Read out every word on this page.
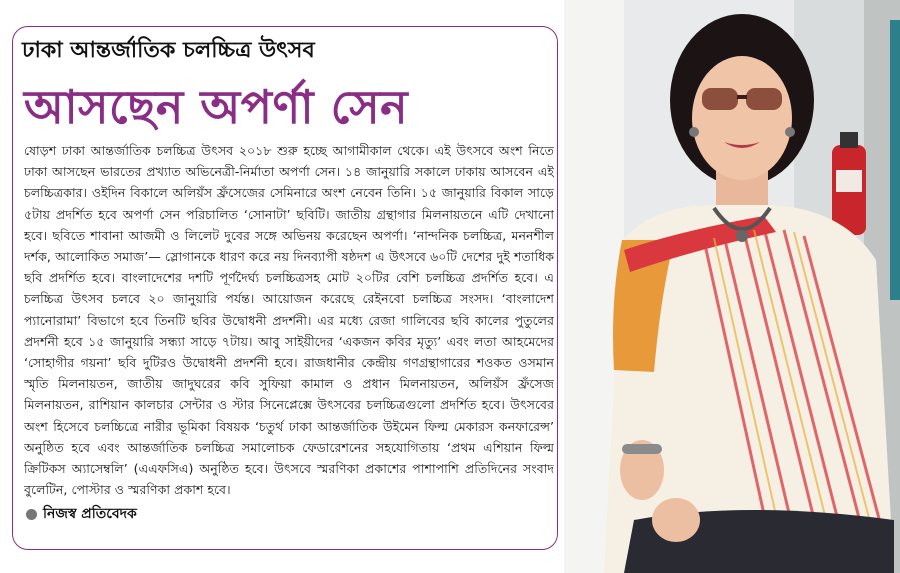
ঢাকা আন্তর্জাতিক চলচ্চিত্র উৎসব
আসছেন অপর্ণা সেন
ষোড়শ ঢাকা আন্তর্জাতিক চলচ্চিত্র উৎসব ২০১৮ শুরু হচ্ছে আগামীকাল থেকে। এই উৎসবে অংশ নিতে ঢাকা আসছেন ভারতের প্রখ্যাত অভিনেত্রী-নির্মাতা অপর্ণা সেন। ১৪ জানুয়ারি সকালে ঢাকায় আসবেন এই চলচ্চিত্রকার। ওইদিন বিকালে অলিয়ঁস ফ্রঁসেজের সেমিনারে অংশ নেবেন তিনি। ১৫ জানুয়ারি বিকাল সাড়ে ৫টায় প্রদর্শিত হবে অপর্ণা সেন পরিচালিত ‘সোনাটা’ ছবিটি। জাতীয় গ্রন্থাগার মিলনায়তনে এটি দেখানো হবে। ছবিতে শাবানা আজমী ও লিলেট দুবের সঙ্গে অভিনয় করেছেন অপর্ণা। ‘নান্দনিক চলচ্চিত্র, মননশীল দর্শক, আলোকিত সমাজ’— স্লোগানকে ধারণ করে নয় দিনব্যাপী ষষ্ঠদশ এ উৎসবে ৬০টি দেশের দুই শতাধিক ছবি প্রদর্শিত হবে। বাংলাদেশের দশটি পূর্ণদৈর্ঘ্য চলচ্চিত্রসহ মোট ২০টির বেশি চলচ্চিত্র প্রদর্শিত হবে। এ চলচ্চিত্র উৎসব চলবে ২০ জানুয়ারি পর্যন্ত। আয়োজন করেছে রেইনবো চলচ্চিত্র সংসদ। ‘বাংলাদেশ প্যানোরামা’ বিভাগে হবে তিনটি ছবির উদ্বোধনী প্রদর্শনী। এর মধ্যে রেজা গালিবের ছবি কালের পুতুলের প্রদর্শনী হবে ১৫ জানুয়ারি সন্ধ্যা সাড়ে ৭টায়। আবু সাইয়ীদের ‘একজন কবির মৃত্যু’ এবং লতা আহমেদের ‘সোহাগীর গয়না’ ছবি দুটিরও উদ্বোধনী প্রদর্শনী হবে। রাজধানীর কেন্দ্রীয় গণগ্রন্থাগারের শওকত ওসমান স্মৃতি মিলনায়তন, জাতীয় জাদুঘরের কবি সুফিয়া কামাল ও প্রধান মিলনায়তন, অলিয়ঁস ফ্রঁসেজ মিলনায়তন, রাশিয়ান কালচার সেন্টার ও স্টার সিনেপ্লেক্সে উৎসবের চলচ্চিত্রগুলো প্রদর্শিত হবে। উৎসবের অংশ হিসেবে চলচ্চিত্রে নারীর ভূমিকা বিষয়ক ‘চতুর্থ ঢাকা আন্তর্জাতিক উইমেন ফিল্ম মেকারস কনফারেন্স’ অনুষ্ঠিত হবে এবং আন্তর্জাতিক চলচ্চিত্র সমালোচক ফেডারেশনের সহযোগিতায় ‘প্রথম এশিয়ান ফিল্ম ক্রিটিকস অ্যাসেম্বলি’ (এএফসিএ) অনুষ্ঠিত হবে। উৎসবে স্মরণিকা প্রকাশের পাশাপাশি প্রতিদিনের সংবাদ বুলেটিন, পোস্টার ও স্মরণিকা প্রকাশ হবে।
নিজস্ব প্রতিবেদক
